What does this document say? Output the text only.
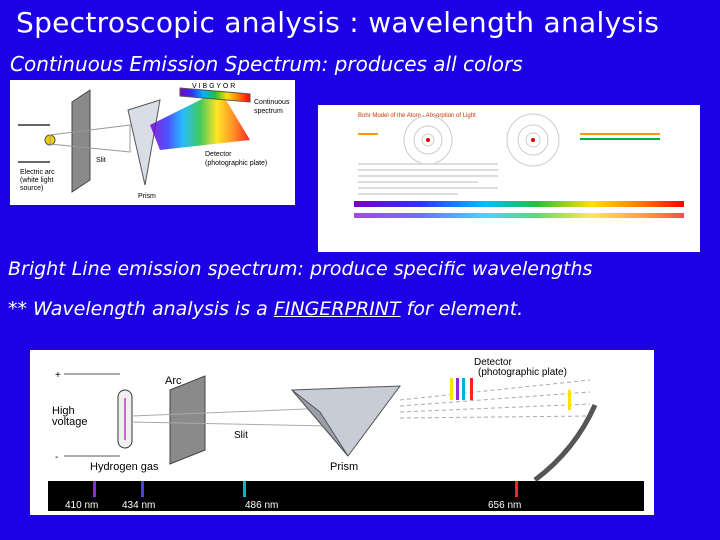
Spectroscopic analysis : wavelength analysis
Continuous Emission Spectrum: produces all colors
V I B G Y O R
Continuous
spectrum
Detector
(photographic plate)
Slit
Prism
Electric arc
(white light
source)
Bohr Model of the Atom - Absorption of Light
Bright Line emission spectrum: produce specific wavelengths
** Wavelength analysis is a FINGERPRINT for element.
Detector
(photographic plate)
+	Arc
High
voltage
-
Hydrogen gas
Slit
Prism
410 nm 434 nm	486 nm	656 nm
